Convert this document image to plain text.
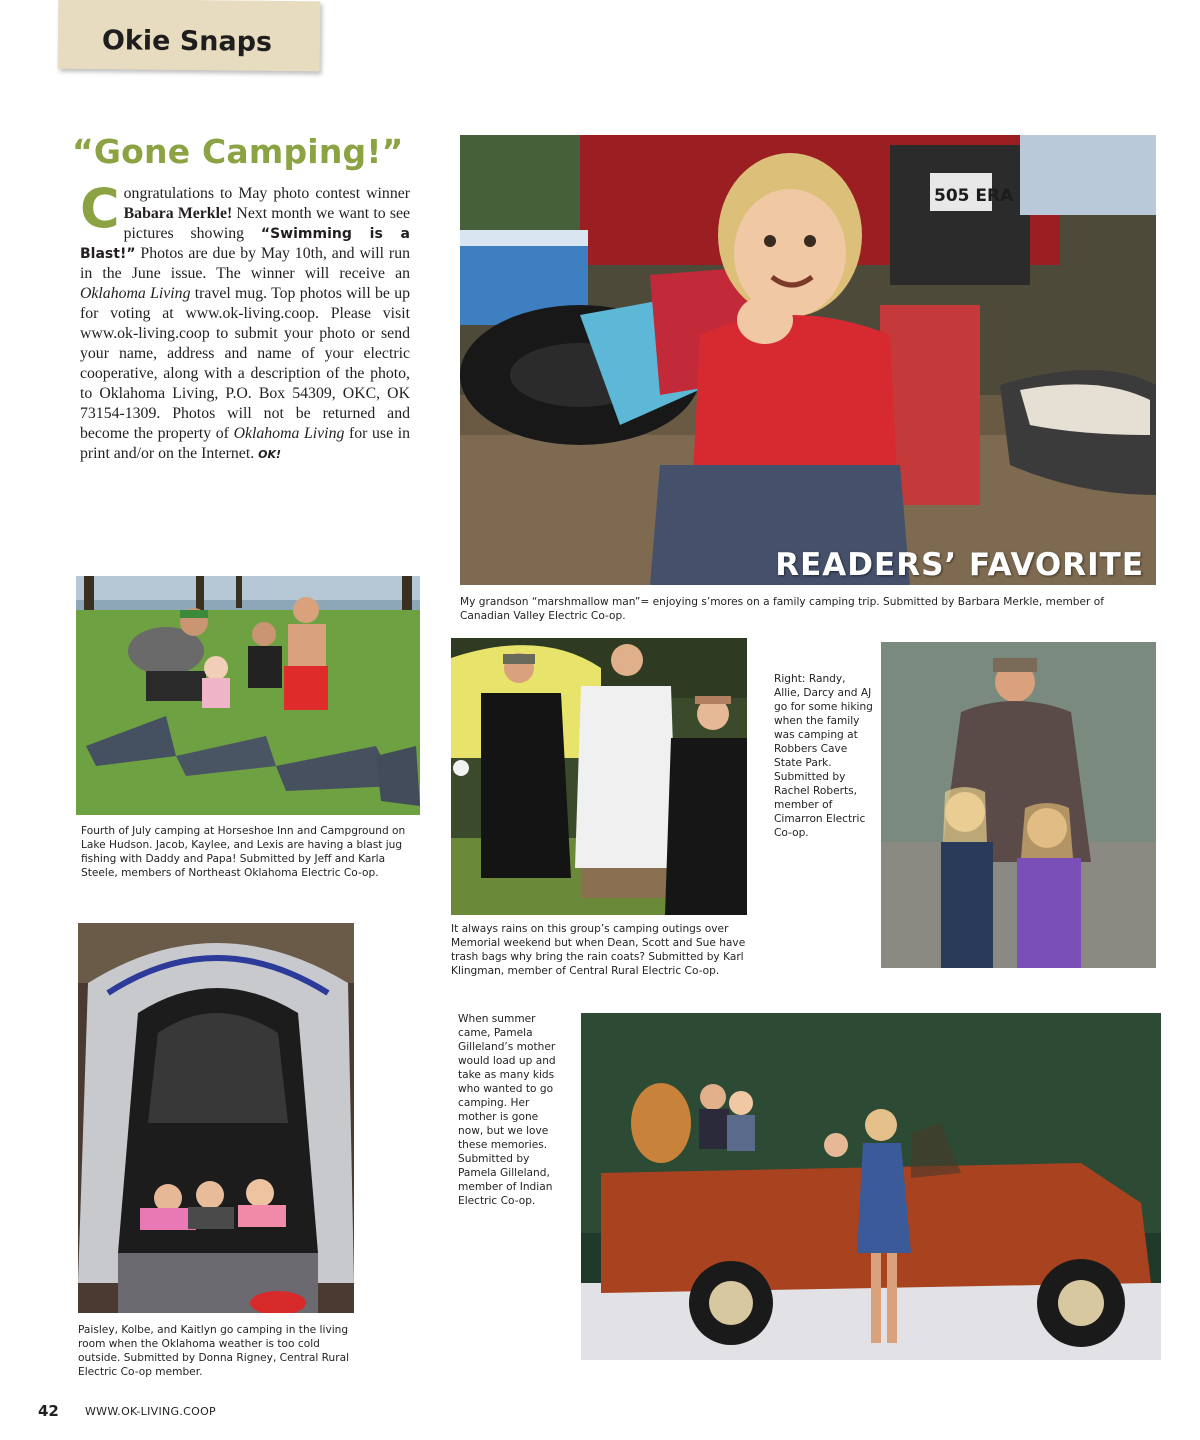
Okie Snaps
“Gone Camping!”
Congratulations to May photo contest winner Babara Merkle! Next month we want to see pictures showing “Swimming is a Blast!” Photos are due by May 10th, and will run in the June issue. The winner will receive an Oklahoma Living travel mug. Top photos will be up for voting at www.ok-living.coop. Please visit www.ok-living.coop to submit your photo or send your name, address and name of your electric cooperative, along with a description of the photo, to Oklahoma Living, P.O. Box 54309, OKC, OK 73154-1309. Photos will not be returned and become the property of Oklahoma Living for use in print and/or on the Internet. OK!
505 ERA
READERS’ FAVORITE
My grandson “marshmallow man”= enjoying s’mores on a family camping trip. Submitted by Barbara Merkle, member of Canadian Valley Electric Co-op.
Fourth of July camping at Horseshoe Inn and Campground on Lake Hudson. Jacob, Kaylee, and Lexis are having a blast jug fishing with Daddy and Papa! Submitted by Jeff and Karla Steele, members of Northeast Oklahoma Electric Co-op.
It always rains on this group’s camping outings over Memorial weekend but when Dean, Scott and Sue have trash bags why bring the rain coats? Submitted by Karl Klingman, member of Central Rural Electric Co-op.
Right: Randy, Allie, Darcy and AJ go for some hiking when the family was camping at Robbers Cave State Park. Submitted by Rachel Roberts, member of Cimarron Electric Co-op.
Paisley, Kolbe, and Kaitlyn go camping in the living room when the Oklahoma weather is too cold outside. Submitted by Donna Rigney, Central Rural Electric Co-op member.
When summer came, Pamela Gilleland’s mother would load up and take as many kids who wanted to go camping. Her mother is gone now, but we love these memories. Submitted by Pamela Gilleland, member of Indian Electric Co-op.
42 WWW.OK-LIVING.COOP
